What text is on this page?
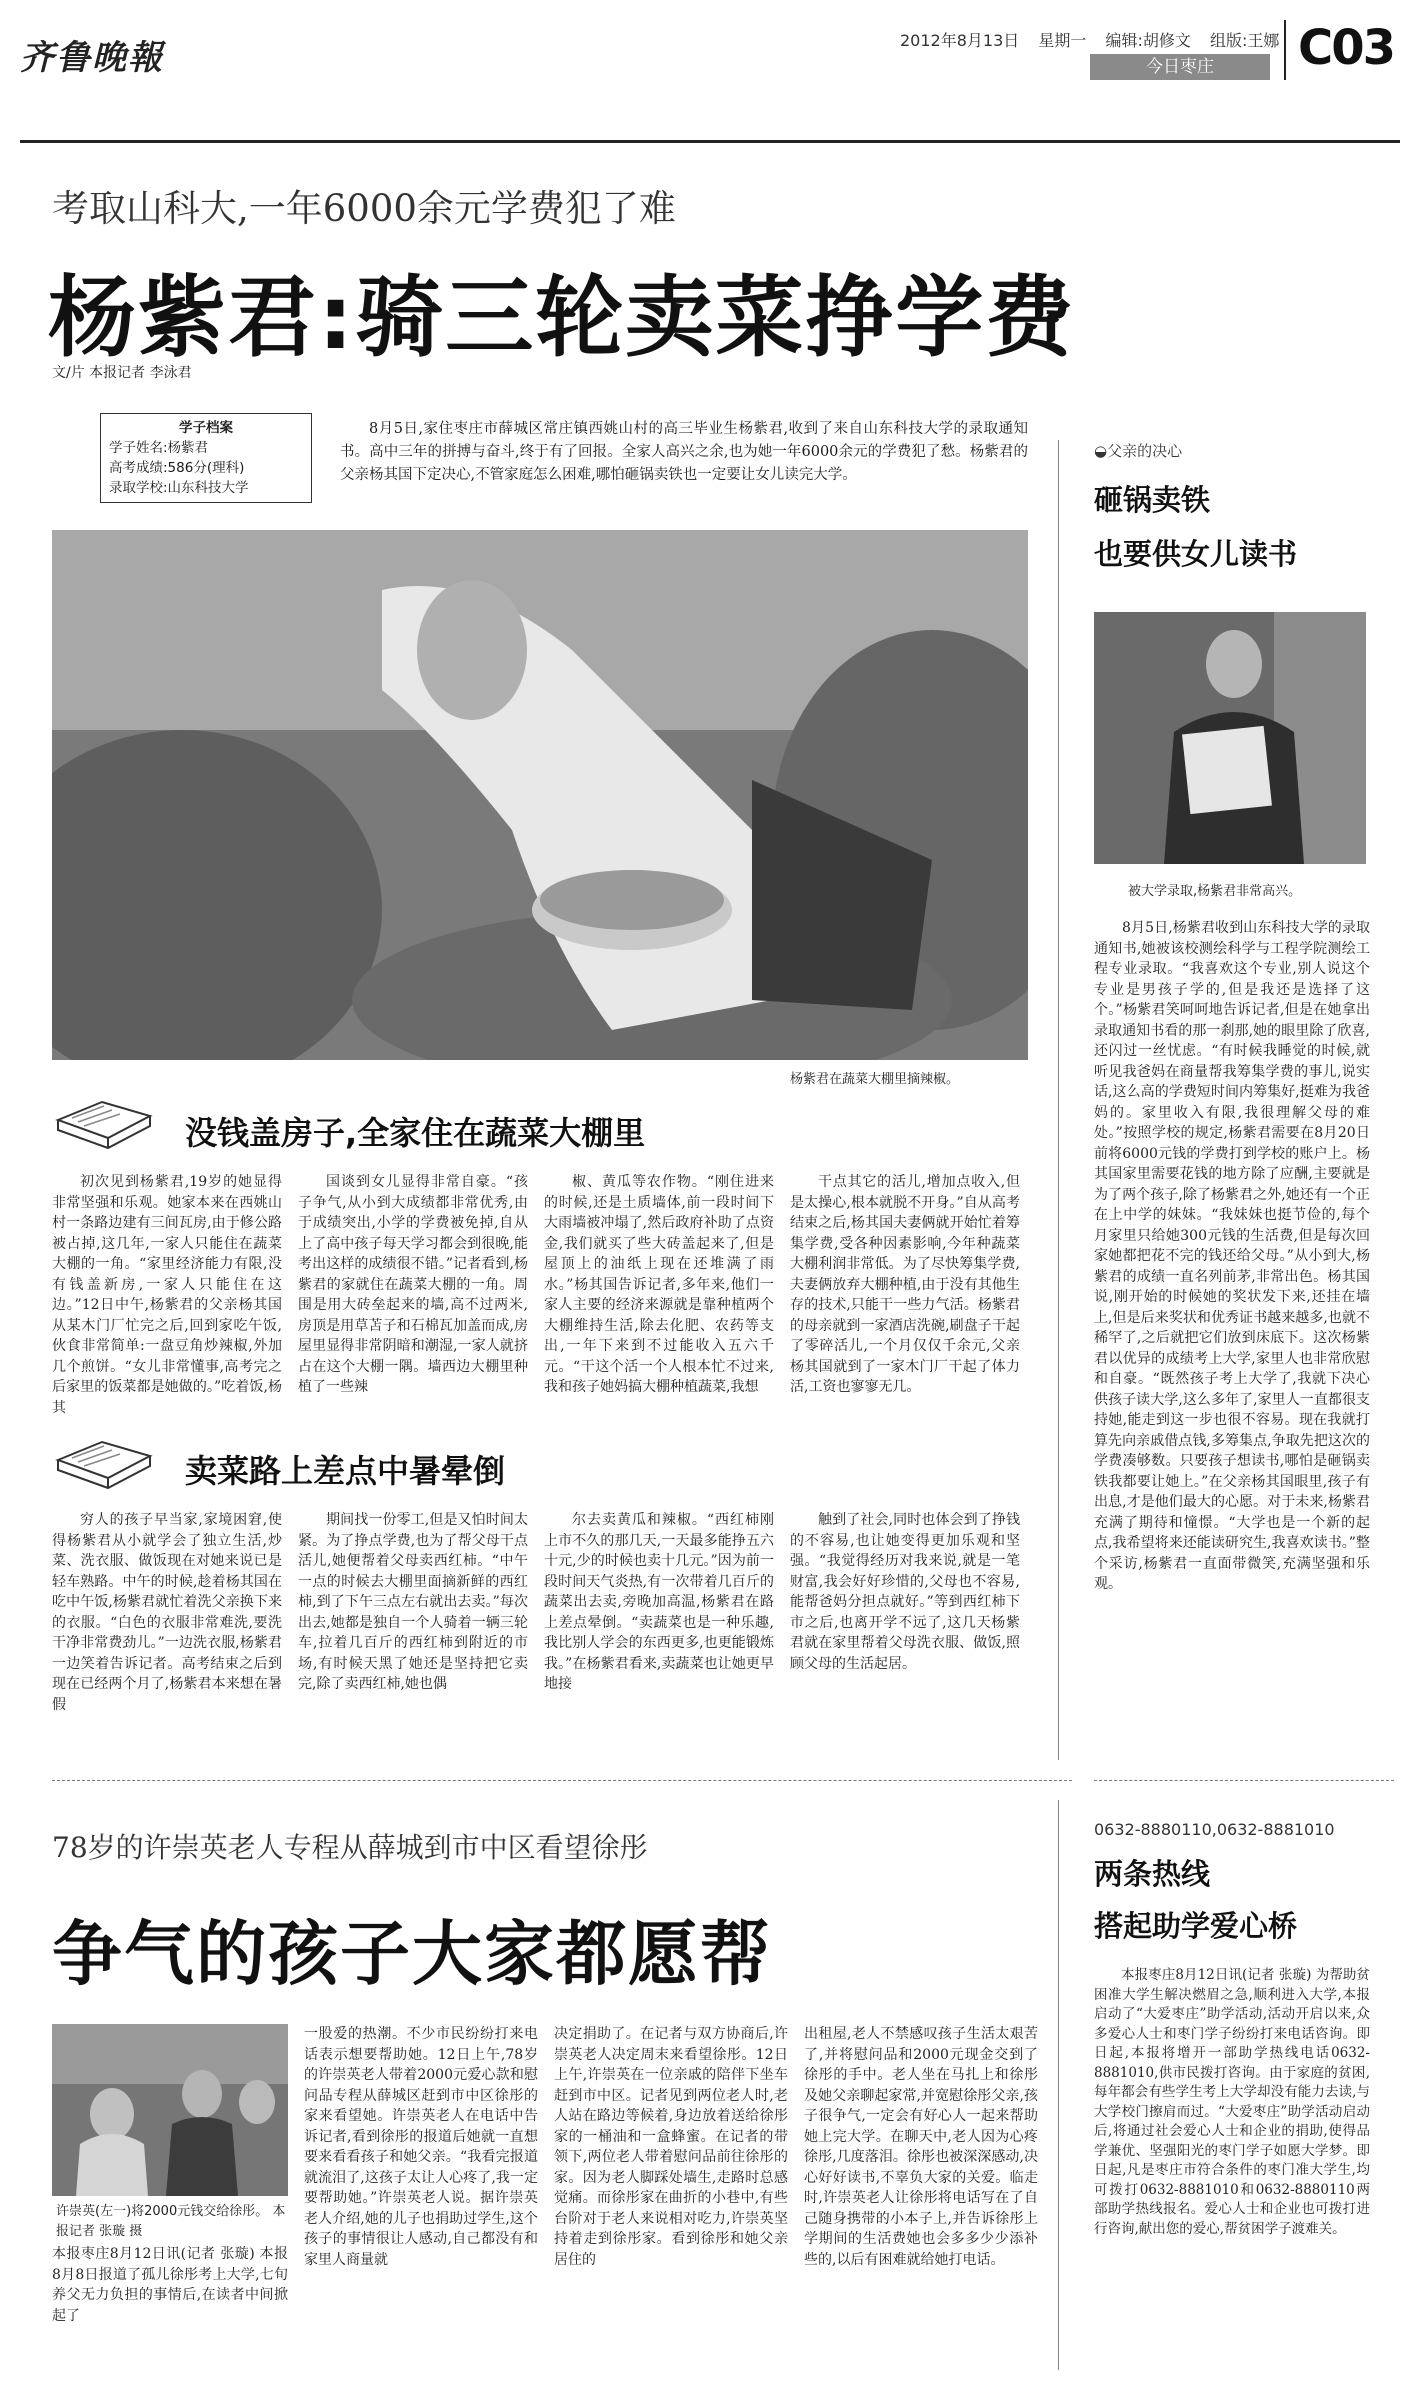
齐鲁晚報	2012年8月13日 星期一 编辑:胡修文 组版:王娜
今日枣庄	C03
考取山科大,一年6000余元学费犯了难
杨紫君:骑三轮卖菜挣学费
文/片 本报记者 李泳君
学子档案
学子姓名:杨紫君
高考成绩:586分(理科)
录取学校:山东科技大学
8月5日,家住枣庄市薛城区常庄镇西姚山村的高三毕业生杨紫君,收到了来自山东科技大学的录取通知书。高中三年的拼搏与奋斗,终于有了回报。全家人高兴之余,也为她一年6000余元的学费犯了愁。杨紫君的父亲杨其国下定决心,不管家庭怎么困难,哪怕砸锅卖铁也一定要让女儿读完大学。
杨紫君在蔬菜大棚里摘辣椒。
没钱盖房子,全家住在蔬菜大棚里
初次见到杨紫君,19岁的她显得非常坚强和乐观。她家本来在西姚山村一条路边建有三间瓦房,由于修公路被占掉,这几年,一家人只能住在蔬菜大棚的一角。“家里经济能力有限,没有钱盖新房,一家人只能住在这边。”12日中午,杨紫君的父亲杨其国从某木门厂忙完之后,回到家吃午饭,伙食非常简单:一盘豆角炒辣椒,外加几个煎饼。“女儿非常懂事,高考完之后家里的饭菜都是她做的。”吃着饭,杨其
国谈到女儿显得非常自豪。“孩子争气,从小到大成绩都非常优秀,由于成绩突出,小学的学费被免掉,自从上了高中孩子每天学习都会到很晚,能考出这样的成绩很不错。”记者看到,杨紫君的家就住在蔬菜大棚的一角。周围是用大砖垒起来的墙,高不过两米,房顶是用草苫子和石棉瓦加盖而成,房屋里显得非常阴暗和潮湿,一家人就挤占在这个大棚一隅。墙西边大棚里种植了一些辣
椒、黄瓜等农作物。“刚住进来的时候,还是土质墙体,前一段时间下大雨墙被冲塌了,然后政府补助了点资金,我们就买了些大砖盖起来了,但是屋顶上的油纸上现在还堆满了雨水。”杨其国告诉记者,多年来,他们一家人主要的经济来源就是靠种植两个大棚维持生活,除去化肥、农药等支出,一年下来到不过能收入五六千元。“干这个活一个人根本忙不过来,我和孩子她妈搞大棚种植蔬菜,我想
干点其它的活儿,增加点收入,但是太操心,根本就脱不开身。”自从高考结束之后,杨其国夫妻俩就开始忙着筹集学费,受各种因素影响,今年种蔬菜大棚利润非常低。为了尽快筹集学费,夫妻俩放弃大棚种植,由于没有其他生存的技术,只能干一些力气活。杨紫君的母亲就到一家酒店洗碗,刷盘子干起了零碎活儿,一个月仅仅千余元,父亲杨其国就到了一家木门厂干起了体力活,工资也寥寥无几。
卖菜路上差点中暑晕倒
穷人的孩子早当家,家境困窘,使得杨紫君从小就学会了独立生活,炒菜、洗衣服、做饭现在对她来说已是轻车熟路。中午的时候,趁着杨其国在吃中午饭,杨紫君就忙着洗父亲换下来的衣服。“白色的衣服非常难洗,要洗干净非常费劲儿。”一边洗衣服,杨紫君一边笑着告诉记者。高考结束之后到现在已经两个月了,杨紫君本来想在暑假
期间找一份零工,但是又怕时间太紧。为了挣点学费,也为了帮父母干点活儿,她便帮着父母卖西红柿。“中午一点的时候去大棚里面摘新鲜的西红柿,到了下午三点左右就出去卖。”每次出去,她都是独自一个人骑着一辆三轮车,拉着几百斤的西红柿到附近的市场,有时候天黑了她还是坚持把它卖完,除了卖西红柿,她也偶
尔去卖黄瓜和辣椒。“西红柿刚上市不久的那几天,一天最多能挣五六十元,少的时候也卖十几元。”因为前一段时间天气炎热,有一次带着几百斤的蔬菜出去卖,旁晚加高温,杨紫君在路上差点晕倒。“卖蔬菜也是一种乐趣,我比别人学会的东西更多,也更能锻炼我。”在杨紫君看来,卖蔬菜也让她更早地接
触到了社会,同时也体会到了挣钱的不容易,也让她变得更加乐观和坚强。“我觉得经历对我来说,就是一笔财富,我会好好珍惜的,父母也不容易,能帮爸妈分担点就好。”等到西红柿下市之后,也离开学不远了,这几天杨紫君就在家里帮着父母洗衣服、做饭,照顾父母的生活起居。
◒父亲的决心
砸锅卖铁
也要供女儿读书
被大学录取,杨紫君非常高兴。
8月5日,杨紫君收到山东科技大学的录取通知书,她被该校测绘科学与工程学院测绘工程专业录取。“我喜欢这个专业,别人说这个专业是男孩子学的,但是我还是选择了这个。”杨紫君笑呵呵地告诉记者,但是在她拿出录取通知书看的那一刹那,她的眼里除了欣喜,还闪过一丝忧虑。“有时候我睡觉的时候,就听见我爸妈在商量帮我筹集学费的事儿,说实话,这么高的学费短时间内筹集好,挺难为我爸妈的。家里收入有限,我很理解父母的难处。”按照学校的规定,杨紫君需要在8月20日前将6000元钱的学费打到学校的账户上。杨其国家里需要花钱的地方除了应酬,主要就是为了两个孩子,除了杨紫君之外,她还有一个正在上中学的妹妹。“我妹妹也挺节俭的,每个月家里只给她300元钱的生活费,但是每次回家她都把花不完的钱还给父母。”从小到大,杨紫君的成绩一直名列前茅,非常出色。杨其国说,刚开始的时候她的奖状发下来,还挂在墙上,但是后来奖状和优秀证书越来越多,也就不稀罕了,之后就把它们放到床底下。这次杨紫君以优异的成绩考上大学,家里人也非常欣慰和自豪。“既然孩子考上大学了,我就下决心供孩子读大学,这么多年了,家里人一直都很支持她,能走到这一步也很不容易。现在我就打算先向亲戚借点钱,多筹集点,争取先把这次的学费凑够数。只要孩子想读书,哪怕是砸锅卖铁我都要让她上。”在父亲杨其国眼里,孩子有出息,才是他们最大的心愿。对于未来,杨紫君充满了期待和憧憬。“大学也是一个新的起点,我希望将来还能读研究生,我喜欢读书。”整个采访,杨紫君一直面带微笑,充满坚强和乐观。
78岁的许崇英老人专程从薛城到市中区看望徐彤
争气的孩子大家都愿帮
许崇英(左一)将2000元钱交给徐彤。 本报记者 张璇 摄
本报枣庄8月12日讯(记者 张璇) 本报8月8日报道了孤儿徐彤考上大学,七旬养父无力负担的事情后,在读者中间掀起了
一股爱的热潮。不少市民纷纷打来电话表示想要帮助她。12日上午,78岁的许崇英老人带着2000元爱心款和慰问品专程从薛城区赶到市中区徐彤的家来看望她。许崇英老人在电话中告诉记者,看到徐彤的报道后她就一直想要来看看孩子和她父亲。“我看完报道就流泪了,这孩子太让人心疼了,我一定要帮助她。”许崇英老人说。据许崇英老人介绍,她的儿子也捐助过学生,这个孩子的事情很让人感动,自己都没有和家里人商量就
决定捐助了。在记者与双方协商后,许崇英老人决定周末来看望徐彤。12日上午,许崇英在一位亲戚的陪伴下坐车赶到市中区。记者见到两位老人时,老人站在路边等候着,身边放着送给徐彤家的一桶油和一盒蜂蜜。在记者的带领下,两位老人带着慰问品前往徐彤的家。因为老人脚踩处墙生,走路时总感觉痛。而徐彤家在曲折的小巷中,有些台阶对于老人来说相对吃力,许崇英坚持着走到徐彤家。看到徐彤和她父亲居住的
出租屋,老人不禁感叹孩子生活太艰苦了,并将慰问品和2000元现金交到了徐彤的手中。老人坐在马扎上和徐彤及她父亲聊起家常,并宽慰徐彤父亲,孩子很争气,一定会有好心人一起来帮助她上完大学。在聊天中,老人因为心疼徐彤,几度落泪。徐彤也被深深感动,决心好好读书,不辜负大家的关爱。临走时,许崇英老人让徐彤将电话写在了自己随身携带的小本子上,并告诉徐彤上学期间的生活费她也会多多少少添补些的,以后有困难就给她打电话。
0632-8880110,0632-8881010
两条热线
搭起助学爱心桥
本报枣庄8月12日讯(记者 张璇) 为帮助贫困准大学生解决燃眉之急,顺利进入大学,本报启动了“大爱枣庄”助学活动,活动开启以来,众多爱心人士和枣门学子纷纷打来电话咨询。即日起,本报将增开一部助学热线电话0632-8881010,供市民拨打咨询。由于家庭的贫困,每年都会有些学生考上大学却没有能力去读,与大学校门擦肩而过。“大爱枣庄”助学活动启动后,将通过社会爱心人士和企业的捐助,使得品学兼优、坚强阳光的枣门学子如愿大学梦。即日起,凡是枣庄市符合条件的枣门准大学生,均可拨打0632-8881010和0632-8880110两部助学热线报名。爱心人士和企业也可拨打进行咨询,献出您的爱心,帮贫困学子渡难关。
